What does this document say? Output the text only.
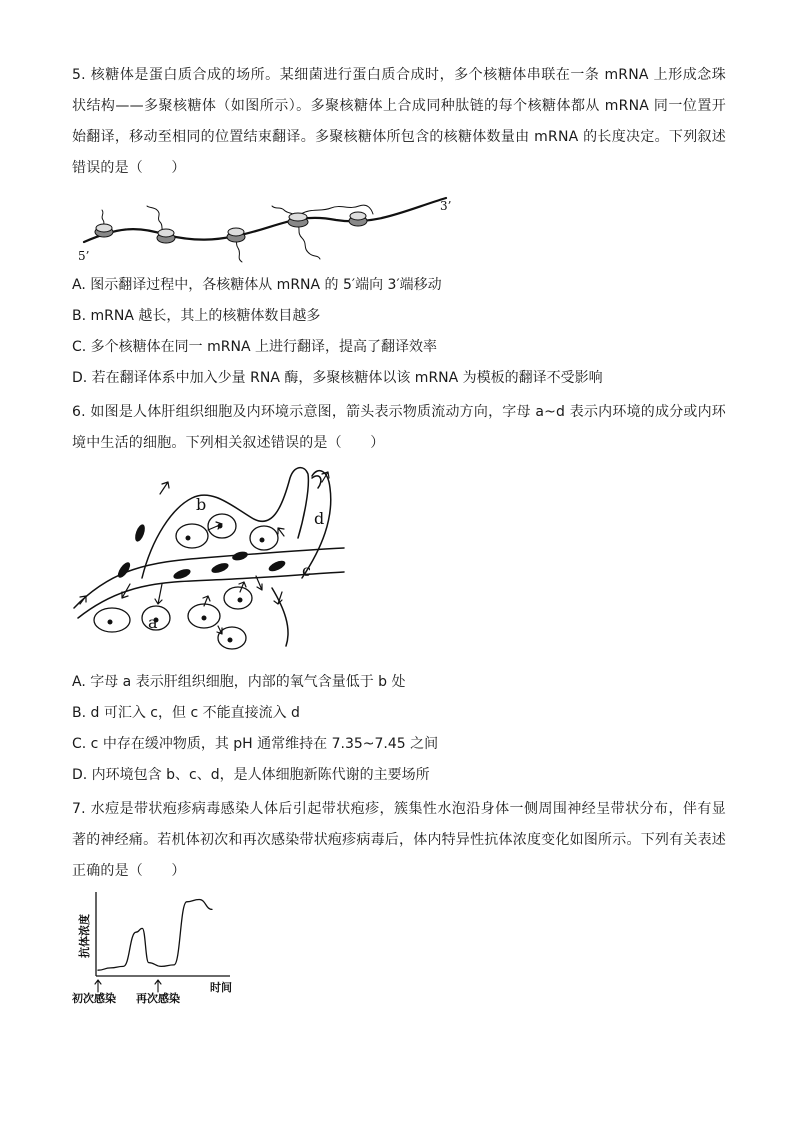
5. 核糖体是蛋白质合成的场所。某细菌进行蛋白质合成时，多个核糖体串联在一条 mRNA 上形成念珠状结构——多聚核糖体（如图所示）。多聚核糖体上合成同种肽链的每个核糖体都从 mRNA 同一位置开始翻译，移动至相同的位置结束翻译。多聚核糖体所包含的核糖体数量由 mRNA 的长度决定。下列叙述错误的是（　　）
5’
3’
A. 图示翻译过程中，各核糖体从 mRNA 的 5′端向 3′端移动
B. mRNA 越长，其上的核糖体数目越多
C. 多个核糖体在同一 mRNA 上进行翻译，提高了翻译效率
D. 若在翻译体系中加入少量 RNA 酶，多聚核糖体以该 mRNA 为模板的翻译不受影响
6. 如图是人体肝组织细胞及内环境示意图，箭头表示物质流动方向，字母 a~d 表示内环境的成分或内环境中生活的细胞。下列相关叙述错误的是（　　）
b
a
c
d
A. 字母 a 表示肝组织细胞，内部的氧气含量低于 b 处
B. d 可汇入 c，但 c 不能直接流入 d
C. c 中存在缓冲物质，其 pH 通常维持在 7.35~7.45 之间
D. 内环境包含 b、c、d，是人体细胞新陈代谢的主要场所
7. 水痘是带状疱疹病毒感染人体后引起带状疱疹，簇集性水泡沿身体一侧周围神经呈带状分布，伴有显著的神经痛。若机体初次和再次感染带状疱疹病毒后，体内特异性抗体浓度变化如图所示。下列有关表述正确的是（　　）
抗体浓度
时间
初次感染 再次感染
